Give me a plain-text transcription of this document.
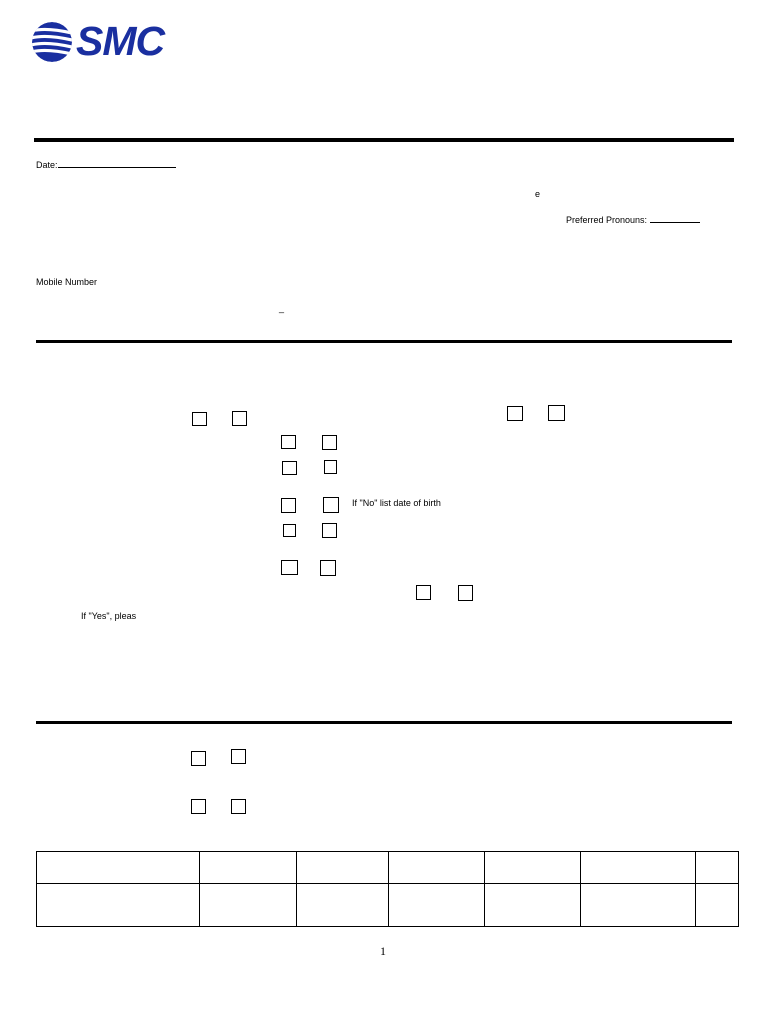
SMC
Date:
e
Preferred Pronouns:
Mobile Number
_
If "No" list date of birth
If "Yes", pleas

1
